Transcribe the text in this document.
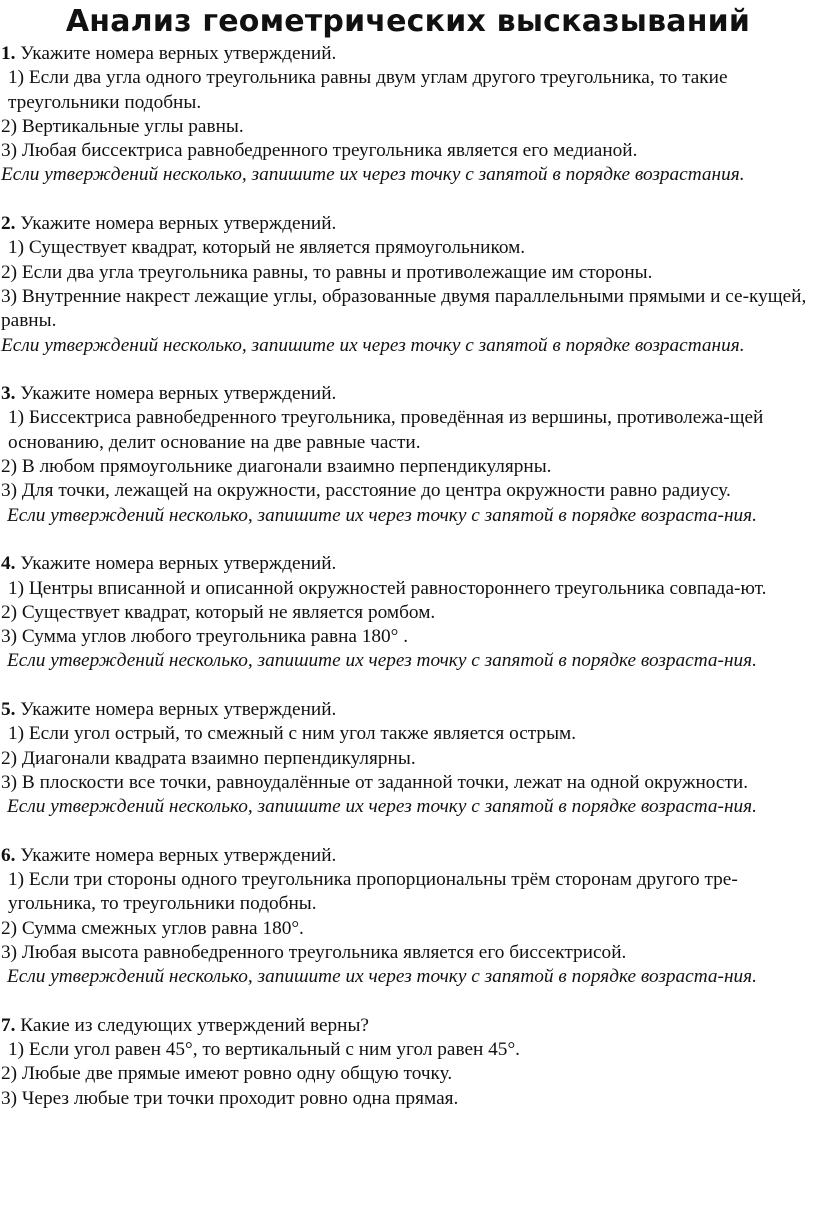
Анализ геометрических высказываний

1. Укажите номера верных утверждений.

1) Если два угла одного треугольника равны двум углам другого треугольника, то такие треугольники подобны.

2) Вертикальные углы равны.

3) Любая биссектриса равнобедренного треугольника является его медианой.

Если утверждений несколько, запишите их через точку с запятой в порядке возрастания.

2. Укажите номера верных утверждений.

1) Существует квадрат, который не является прямоугольником.

2) Если два угла треугольника равны, то равны и противолежащие им стороны.

3) Внутренние накрест лежащие углы, образованные двумя параллельными прямыми и се-кущей, равны.

Если утверждений несколько, запишите их через точку с запятой в порядке возрастания.

3. Укажите номера верных утверждений.

1) Биссектриса равнобедренного треугольника, проведённая из вершины, противолежа-щей основанию, делит основание на две равные части.

2) В любом прямоугольнике диагонали взаимно перпендикулярны.

3) Для точки, лежащей на окружности, расстояние до центра окружности равно радиусу.

Если утверждений несколько, запишите их через точку с запятой в порядке возраста-ния.

4. Укажите номера верных утверждений.

1) Центры вписанной и описанной окружностей равностороннего треугольника совпада-ют.

2) Существует квадрат, который не является ромбом.

3) Сумма углов любого треугольника равна 180° .

Если утверждений несколько, запишите их через точку с запятой в порядке возраста-ния.

5. Укажите номера верных утверждений.

1) Если угол острый, то смежный с ним угол также является острым.

2) Диагонали квадрата взаимно перпендикулярны.

3) В плоскости все точки, равноудалённые от заданной точки, лежат на одной окружности.

Если утверждений несколько, запишите их через точку с запятой в порядке возраста-ния.

6. Укажите номера верных утверждений.

1) Если три стороны одного треугольника пропорциональны трём сторонам другого тре-угольника, то треугольники подобны.

2) Сумма смежных углов равна 180°.

3) Любая высота равнобедренного треугольника является его биссектрисой.

Если утверждений несколько, запишите их через точку с запятой в порядке возраста-ния.

7. Какие из следующих утверждений верны?

1) Если угол равен 45°, то вертикальный с ним угол равен 45°.

2) Любые две прямые имеют ровно одну общую точку.

3) Через любые три точки проходит ровно одна прямая.
